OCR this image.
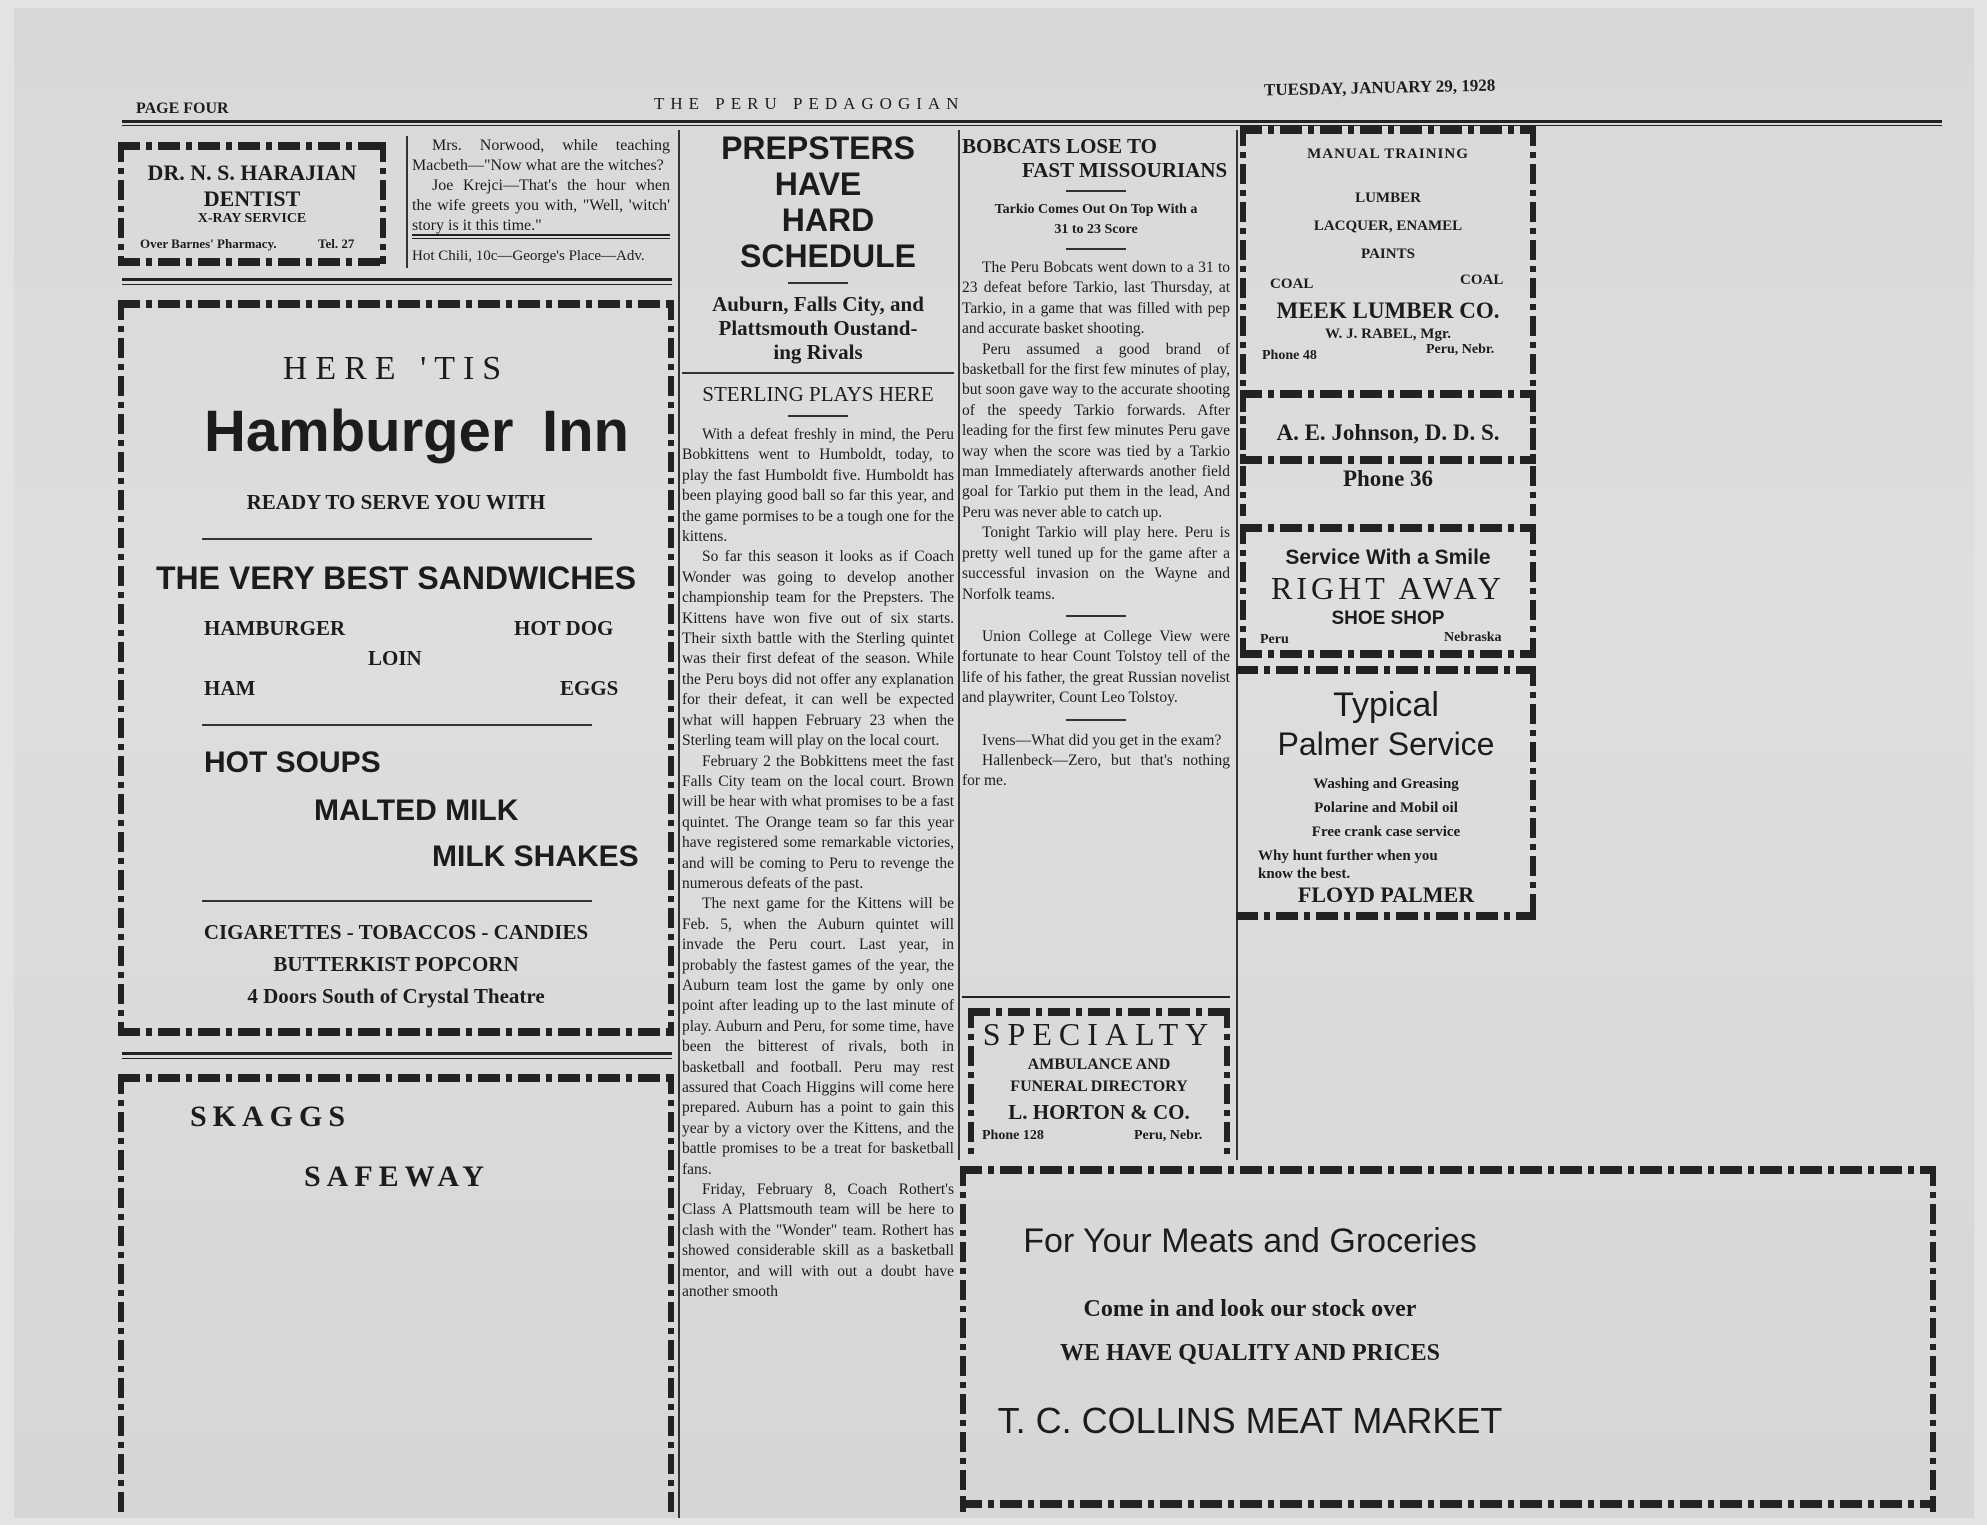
PAGE FOUR	THE PERU PEDAGOGIAN
TUESDAY, JANUARY 29, 1928
DR. N. S. HARAJIAN
DENTIST
X-RAY SERVICE
Over Barnes' Pharmacy.	Tel. 27

Mrs. Norwood, while teaching Macbeth—"Now what are the witches?

Joe Krejci—That's the hour when the wife greets you with, "Well, 'witch' story is it this time."

Hot Chili, 10c—George's Place—Adv.
HERE 'TIS
Hamburger Inn
READY TO SERVE YOU WITH
THE VERY BEST SANDWICHES
HAMBURGER	HOT DOG
LOIN
HAM	EGGS
HOT SOUPS
MALTED MILK
MILK SHAKES
CIGARETTES - TOBACCOS - CANDIES
BUTTERKIST POPCORN
4 Doors South of Crystal Theatre
SKAGGS
SAFEWAY
PREPSTERS HAVE
HARD SCHEDULE
Auburn, Falls City, and
Plattsmouth Oustand-
ing Rivals
STERLING PLAYS HERE

With a defeat freshly in mind, the Peru Bobkittens went to Humboldt, today, to play the fast Humboldt five. Humboldt has been playing good ball so far this year, and the game pormises to be a tough one for the kittens.

So far this season it looks as if Coach Wonder was going to develop another championship team for the Prepsters. The Kittens have won five out of six starts. Their sixth battle with the Sterling quintet was their first defeat of the season. While the Peru boys did not offer any explanation for their defeat, it can well be expected what will happen February 23 when the Sterling team will play on the local court.

February 2 the Bobkittens meet the fast Falls City team on the local court. Brown will be hear with what promises to be a fast quintet. The Orange team so far this year have registered some remarkable victories, and will be coming to Peru to revenge the numerous defeats of the past.

The next game for the Kittens will be Feb. 5, when the Auburn quintet will invade the Peru court. Last year, in probably the fastest games of the year, the Auburn team lost the game by only one point after leading up to the last minute of play. Auburn and Peru, for some time, have been the bitterest of rivals, both in basketball and football. Peru may rest assured that Coach Higgins will come here prepared. Auburn has a point to gain this year by a victory over the Kittens, and the battle promises to be a treat for basketball fans.

Friday, February 8, Coach Rothert's Class A Plattsmouth team will be here to clash with the "Wonder" team. Rothert has showed considerable skill as a basketball mentor, and will with out a doubt have another smooth

BOBCATS LOSE TO
FAST MISSOURIANS
Tarkio Comes Out On Top With a
31 to 23 Score

The Peru Bobcats went down to a 31 to 23 defeat before Tarkio, last Thursday, at Tarkio, in a game that was filled with pep and accurate basket shooting.

Peru assumed a good brand of basketball for the first few minutes of play, but soon gave way to the accurate shooting of the speedy Tarkio forwards. After leading for the first few minutes Peru gave way when the score was tied by a Tarkio man Immediately afterwards another field goal for Tarkio put them in the lead, And Peru was never able to catch up.

Tonight Tarkio will play here. Peru is pretty well tuned up for the game after a successful invasion on the Wayne and Norfolk teams.

Union College at College View were fortunate to hear Count Tolstoy tell of the life of his father, the great Russian novelist and playwriter, Count Leo Tolstoy.

Ivens—What did you get in the exam?

Hallenbeck—Zero, but that's nothing for me.

SPECIALTY
AMBULANCE AND
FUNERAL DIRECTORY
L. HORTON & CO.
Phone 128	Peru, Nebr.
MANUAL TRAINING
LUMBER
LACQUER, ENAMEL
PAINTS
COAL	COAL
MEEK LUMBER CO.
W. J. RABEL, Mgr.
Phone 48	Peru, Nebr.
A. E. Johnson, D. D. S.
Phone 36
Service With a Smile
RIGHT AWAY
SHOE SHOP
Peru	Nebraska
Typical
Palmer Service
Washing and Greasing
Polarine and Mobil oil
Free crank case service
Why hunt further when you
know the best.
FLOYD PALMER
For Your Meats and Groceries
Come in and look our stock over
WE HAVE QUALITY AND PRICES
T. C. COLLINS MEAT MARKET
